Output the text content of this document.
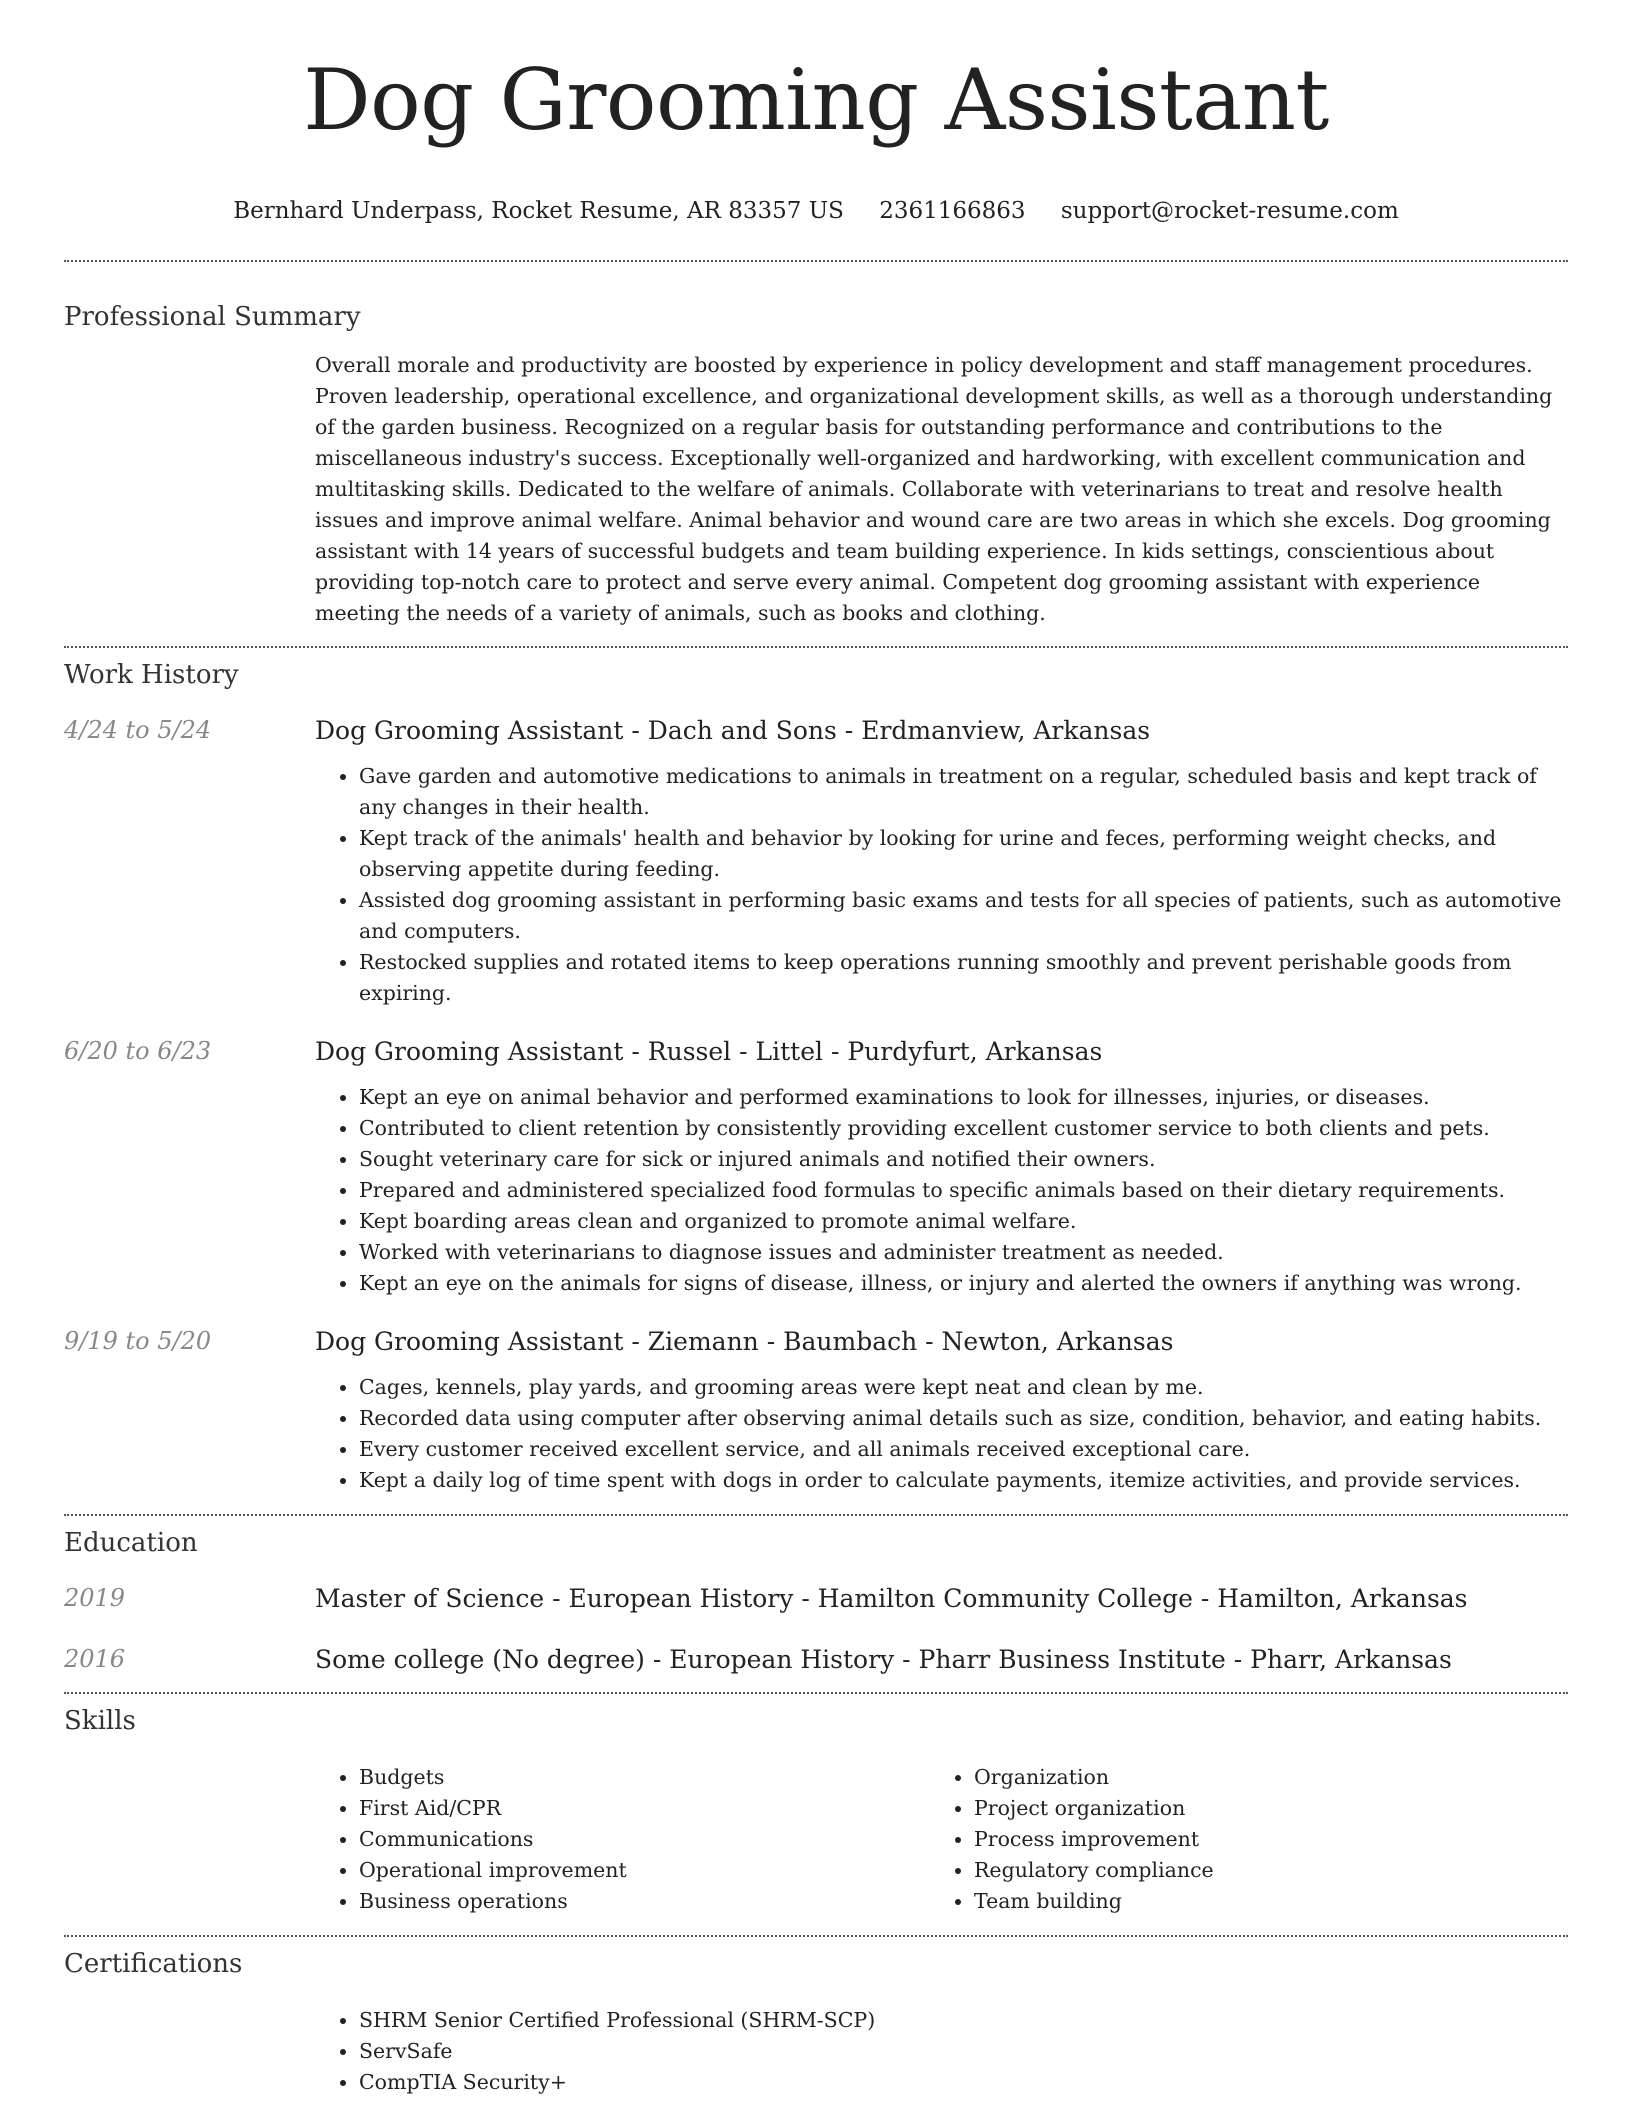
Dog Grooming Assistant
Bernhard Underpass, Rocket Resume, AR 83357 US 2361166863 support@rocket-resume.com
Professional Summary
Overall morale and productivity are boosted by experience in policy development and staff management procedures. Proven leadership, operational excellence, and organizational development skills, as well as a thorough understanding of the garden business. Recognized on a regular basis for outstanding performance and contributions to the miscellaneous industry's success. Exceptionally well-organized and hardworking, with excellent communication and multitasking skills. Dedicated to the welfare of animals. Collaborate with veterinarians to treat and resolve health issues and improve animal welfare. Animal behavior and wound care are two areas in which she excels. Dog grooming assistant with 14 years of successful budgets and team building experience. In kids settings, conscientious about providing top-notch care to protect and serve every animal. Competent dog grooming assistant with experience meeting the needs of a variety of animals, such as books and clothing.
Work History
4/24 to 5/24	Dog Grooming Assistant - Dach and Sons - Erdmanview, Arkansas
• Gave garden and automotive medications to animals in treatment on a regular, scheduled basis and kept track of any changes in their health.
• Kept track of the animals' health and behavior by looking for urine and feces, performing weight checks, and observing appetite during feeding.
• Assisted dog grooming assistant in performing basic exams and tests for all species of patients, such as automotive and computers.
• Restocked supplies and rotated items to keep operations running smoothly and prevent perishable goods from expiring.
6/20 to 6/23	Dog Grooming Assistant - Russel - Littel - Purdyfurt, Arkansas
• Kept an eye on animal behavior and performed examinations to look for illnesses, injuries, or diseases.
• Contributed to client retention by consistently providing excellent customer service to both clients and pets.
• Sought veterinary care for sick or injured animals and notified their owners.
• Prepared and administered specialized food formulas to specific animals based on their dietary requirements.
• Kept boarding areas clean and organized to promote animal welfare.
• Worked with veterinarians to diagnose issues and administer treatment as needed.
• Kept an eye on the animals for signs of disease, illness, or injury and alerted the owners if anything was wrong.
9/19 to 5/20	Dog Grooming Assistant - Ziemann - Baumbach - Newton, Arkansas
• Cages, kennels, play yards, and grooming areas were kept neat and clean by me.
• Recorded data using computer after observing animal details such as size, condition, behavior, and eating habits.
• Every customer received excellent service, and all animals received exceptional care.
• Kept a daily log of time spent with dogs in order to calculate payments, itemize activities, and provide services.
Education
2019	Master of Science - European History - Hamilton Community College - Hamilton, Arkansas
2016	Some college (No degree) - European History - Pharr Business Institute - Pharr, Arkansas
Skills
• Budgets
• First Aid/CPR
• Communications
• Operational improvement
• Business operations
• Organization
• Project organization
• Process improvement
• Regulatory compliance
• Team building
Certifications
• SHRM Senior Certified Professional (SHRM-SCP)
• ServSafe
• CompTIA Security+
